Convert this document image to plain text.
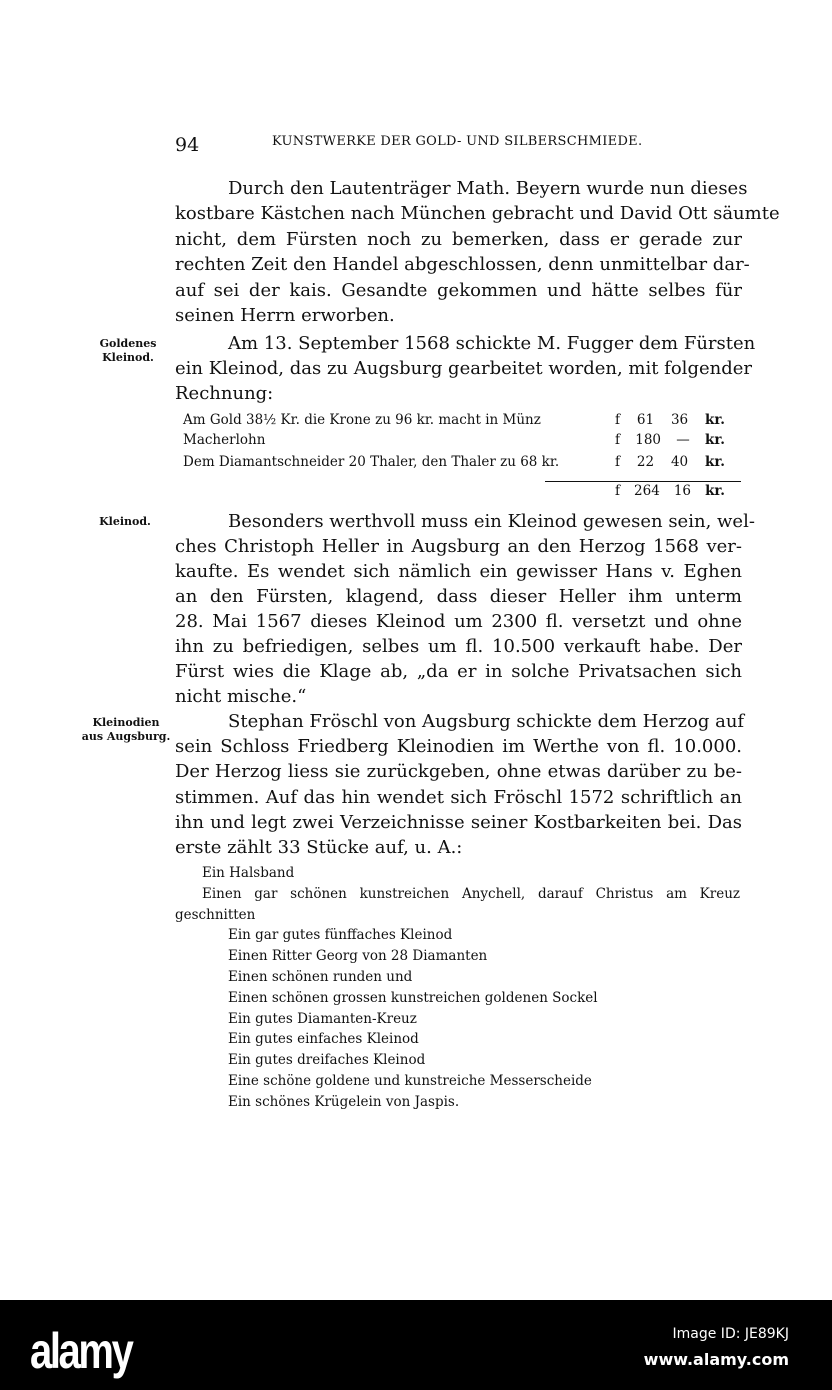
94	KUNSTWERKE DER GOLD- UND SILBERSCHMIEDE.
Goldenes
Kleinod.
Kleinod.
Kleinodien
aus Augsburg.
Durch den Lautenträger Math. Beyern wurde nun dieses
kostbare Kästchen nach München gebracht und David Ott säumte
nicht, dem Fürsten noch zu bemerken, dass er gerade zur
rechten Zeit den Handel abgeschlossen, denn unmittelbar dar-
auf sei der kais. Gesandte gekommen und hätte selbes für
seinen Herrn erworben.
Am 13. September 1568 schickte M. Fugger dem Fürsten
ein Kleinod, das zu Augsburg gearbeitet worden, mit folgender
Rechnung:
Besonders werthvoll muss ein Kleinod gewesen sein, wel-
ches Christoph Heller in Augsburg an den Herzog 1568 ver-
kaufte. Es wendet sich nämlich ein gewisser Hans v. Eghen
an den Fürsten, klagend, dass dieser Heller ihm unterm
28. Mai 1567 dieses Kleinod um 2300 fl. versetzt und ohne
ihn zu befriedigen, selbes um fl. 10.500 verkauft habe. Der
Fürst wies die Klage ab, „da er in solche Privatsachen sich
nicht mische.“
Stephan Fröschl von Augsburg schickte dem Herzog auf
sein Schloss Friedberg Kleinodien im Werthe von fl. 10.000.
Der Herzog liess sie zurückgeben, ohne etwas darüber zu be-
stimmen. Auf das hin wendet sich Fröschl 1572 schriftlich an
ihn und legt zwei Verzeichnisse seiner Kostbarkeiten bei. Das
erste zählt 33 Stücke auf, u. A.:
Am Gold 38½ Kr. die Krone zu 96 kr. macht in Münz	f 61 36 kr.
Macherlohn	f 180 — kr.
Dem Diamantschneider 20 Thaler, den Thaler zu 68 kr.	f 22 40 kr.
f 264 16 kr.
Ein Halsband
Einen gar schönen kunstreichen Anychell, darauf Christus am Kreuz
geschnitten
Ein gar gutes fünffaches Kleinod
Einen Ritter Georg von 28 Diamanten
Einen schönen runden und
Einen schönen grossen kunstreichen goldenen Sockel
Ein gutes Diamanten-Kreuz
Ein gutes einfaches Kleinod
Ein gutes dreifaches Kleinod
Eine schöne goldene und kunstreiche Messerscheide
Ein schönes Krügelein von Jaspis.
alamy	Image ID: JE89KJ
www.alamy.com
